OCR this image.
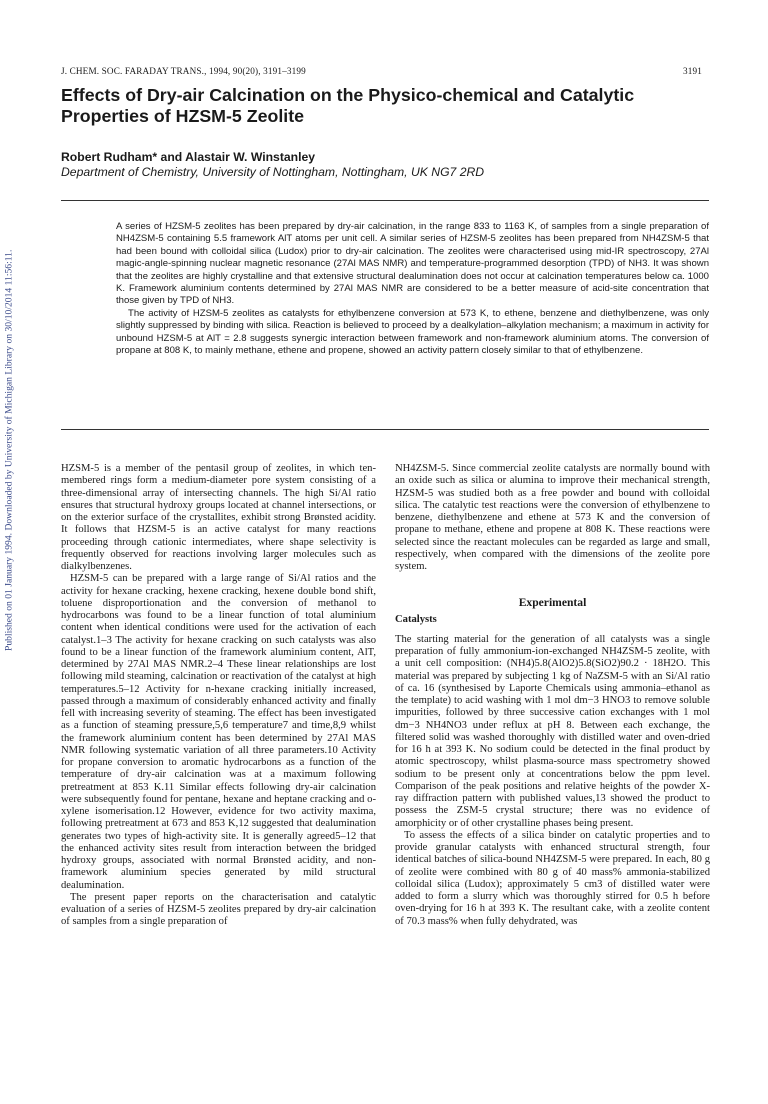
Published on 01 January 1994. Downloaded by University of Michigan Library on 30/10/2014 11:56:11.
J. CHEM. SOC. FARADAY TRANS., 1994, 90(20), 3191–3199	3191
Effects of Dry-air Calcination on the Physico-chemical and Catalytic Properties of HZSM-5 Zeolite
Robert Rudham* and Alastair W. Winstanley
Department of Chemistry, University of Nottingham, Nottingham, UK NG7 2RD

A series of HZSM-5 zeolites has been prepared by dry-air calcination, in the range 833 to 1163 K, of samples from a single preparation of NH4ZSM-5 containing 5.5 framework AlT atoms per unit cell. A similar series of HZSM-5 zeolites has been prepared from NH4ZSM-5 that had been bound with colloidal silica (Ludox) prior to dry-air calcination. The zeolites were characterised using mid-IR spectroscopy, 27Al magic-angle-spinning nuclear magnetic resonance (27Al MAS NMR) and temperature-programmed desorption (TPD) of NH3. It was shown that the zeolites are highly crystalline and that extensive structural dealumination does not occur at calcination temperatures below ca. 1000 K. Framework aluminium contents determined by 27Al MAS NMR are considered to be a better measure of acid-site concentration that those given by TPD of NH3.

The activity of HZSM-5 zeolites as catalysts for ethylbenzene conversion at 573 K, to ethene, benzene and diethylbenzene, was only slightly suppressed by binding with silica. Reaction is believed to proceed by a dealkylation–alkylation mechanism; a maximum in activity for unbound HZSM-5 at AlT = 2.8 suggests synergic interaction between framework and non-framework aluminium atoms. The conversion of propane at 808 K, to mainly methane, ethene and propene, showed an activity pattern closely similar to that of ethylbenzene.

HZSM-5 is a member of the pentasil group of zeolites, in which ten-membered rings form a medium-diameter pore system consisting of a three-dimensional array of intersecting channels. The high Si/Al ratio ensures that structural hydroxy groups located at channel intersections, or on the exterior surface of the crystallites, exhibit strong Brønsted acidity. It follows that HZSM-5 is an active catalyst for many reactions proceeding through cationic intermediates, where shape selectivity is frequently observed for reactions involving larger molecules such as dialkylbenzenes.

HZSM-5 can be prepared with a large range of Si/Al ratios and the activity for hexane cracking, hexene cracking, hexene double bond shift, toluene disproportionation and the conversion of methanol to hydrocarbons was found to be a linear function of total aluminium content when identical conditions were used for the activation of each catalyst.1–3 The activity for hexane cracking on such catalysts was also found to be a linear function of the framework aluminium content, AlT, determined by 27Al MAS NMR.2–4 These linear relationships are lost following mild steaming, calcination or reactivation of the catalyst at high temperatures.5–12 Activity for n-hexane cracking initially increased, passed through a maximum of considerably enhanced activity and finally fell with increasing severity of steaming. The effect has been investigated as a function of steaming pressure,5,6 temperature7 and time,8,9 whilst the framework aluminium content has been determined by 27Al MAS NMR following systematic variation of all three parameters.10 Activity for propane conversion to aromatic hydrocarbons as a function of the temperature of dry-air calcination was at a maximum following pretreatment at 853 K.11 Similar effects following dry-air calcination were subsequently found for pentane, hexane and heptane cracking and o-xylene isomerisation.12 However, evidence for two activity maxima, following pretreatment at 673 and 853 K,12 suggested that dealumination generates two types of high-activity site. It is generally agreed5–12 that the enhanced activity sites result from interaction between the bridged hydroxy groups, associated with normal Brønsted acidity, and non-framework aluminium species generated by mild structural dealumination.

The present paper reports on the characterisation and catalytic evaluation of a series of HZSM-5 zeolites prepared by dry-air calcination of samples from a single preparation of

NH4ZSM-5. Since commercial zeolite catalysts are normally bound with an oxide such as silica or alumina to improve their mechanical strength, HZSM-5 was studied both as a free powder and bound with colloidal silica. The catalytic test reactions were the conversion of ethylbenzene to benzene, diethylbenzene and ethene at 573 K and the conversion of propane to methane, ethene and propene at 808 K. These reactions were selected since the reactant molecules can be regarded as large and small, respectively, when compared with the dimensions of the zeolite pore system.

Experimental
Catalysts

The starting material for the generation of all catalysts was a single preparation of fully ammonium-ion-exchanged NH4ZSM-5 zeolite, with a unit cell composition: (NH4)5.8(AlO2)5.8(SiO2)90.2 · 18H2O. This material was prepared by subjecting 1 kg of NaZSM-5 with an Si/Al ratio of ca. 16 (synthesised by Laporte Chemicals using ammonia–ethanol as the template) to acid washing with 1 mol dm−3 HNO3 to remove soluble impurities, followed by three successive cation exchanges with 1 mol dm−3 NH4NO3 under reflux at pH 8. Between each exchange, the filtered solid was washed thoroughly with distilled water and oven-dried for 16 h at 393 K. No sodium could be detected in the final product by atomic spectroscopy, whilst plasma-source mass spectrometry showed sodium to be present only at concentrations below the ppm level. Comparison of the peak positions and relative heights of the powder X-ray diffraction pattern with published values,13 showed the product to possess the ZSM-5 crystal structure; there was no evidence of amorphicity or of other crystalline phases being present.

To assess the effects of a silica binder on catalytic properties and to provide granular catalysts with enhanced structural strength, four identical batches of silica-bound NH4ZSM-5 were prepared. In each, 80 g of zeolite were combined with 80 g of 40 mass% ammonia-stabilized colloidal silica (Ludox); approximately 5 cm3 of distilled water were added to form a slurry which was thoroughly stirred for 0.5 h before oven-drying for 16 h at 393 K. The resultant cake, with a zeolite content of 70.3 mass% when fully dehydrated, was
